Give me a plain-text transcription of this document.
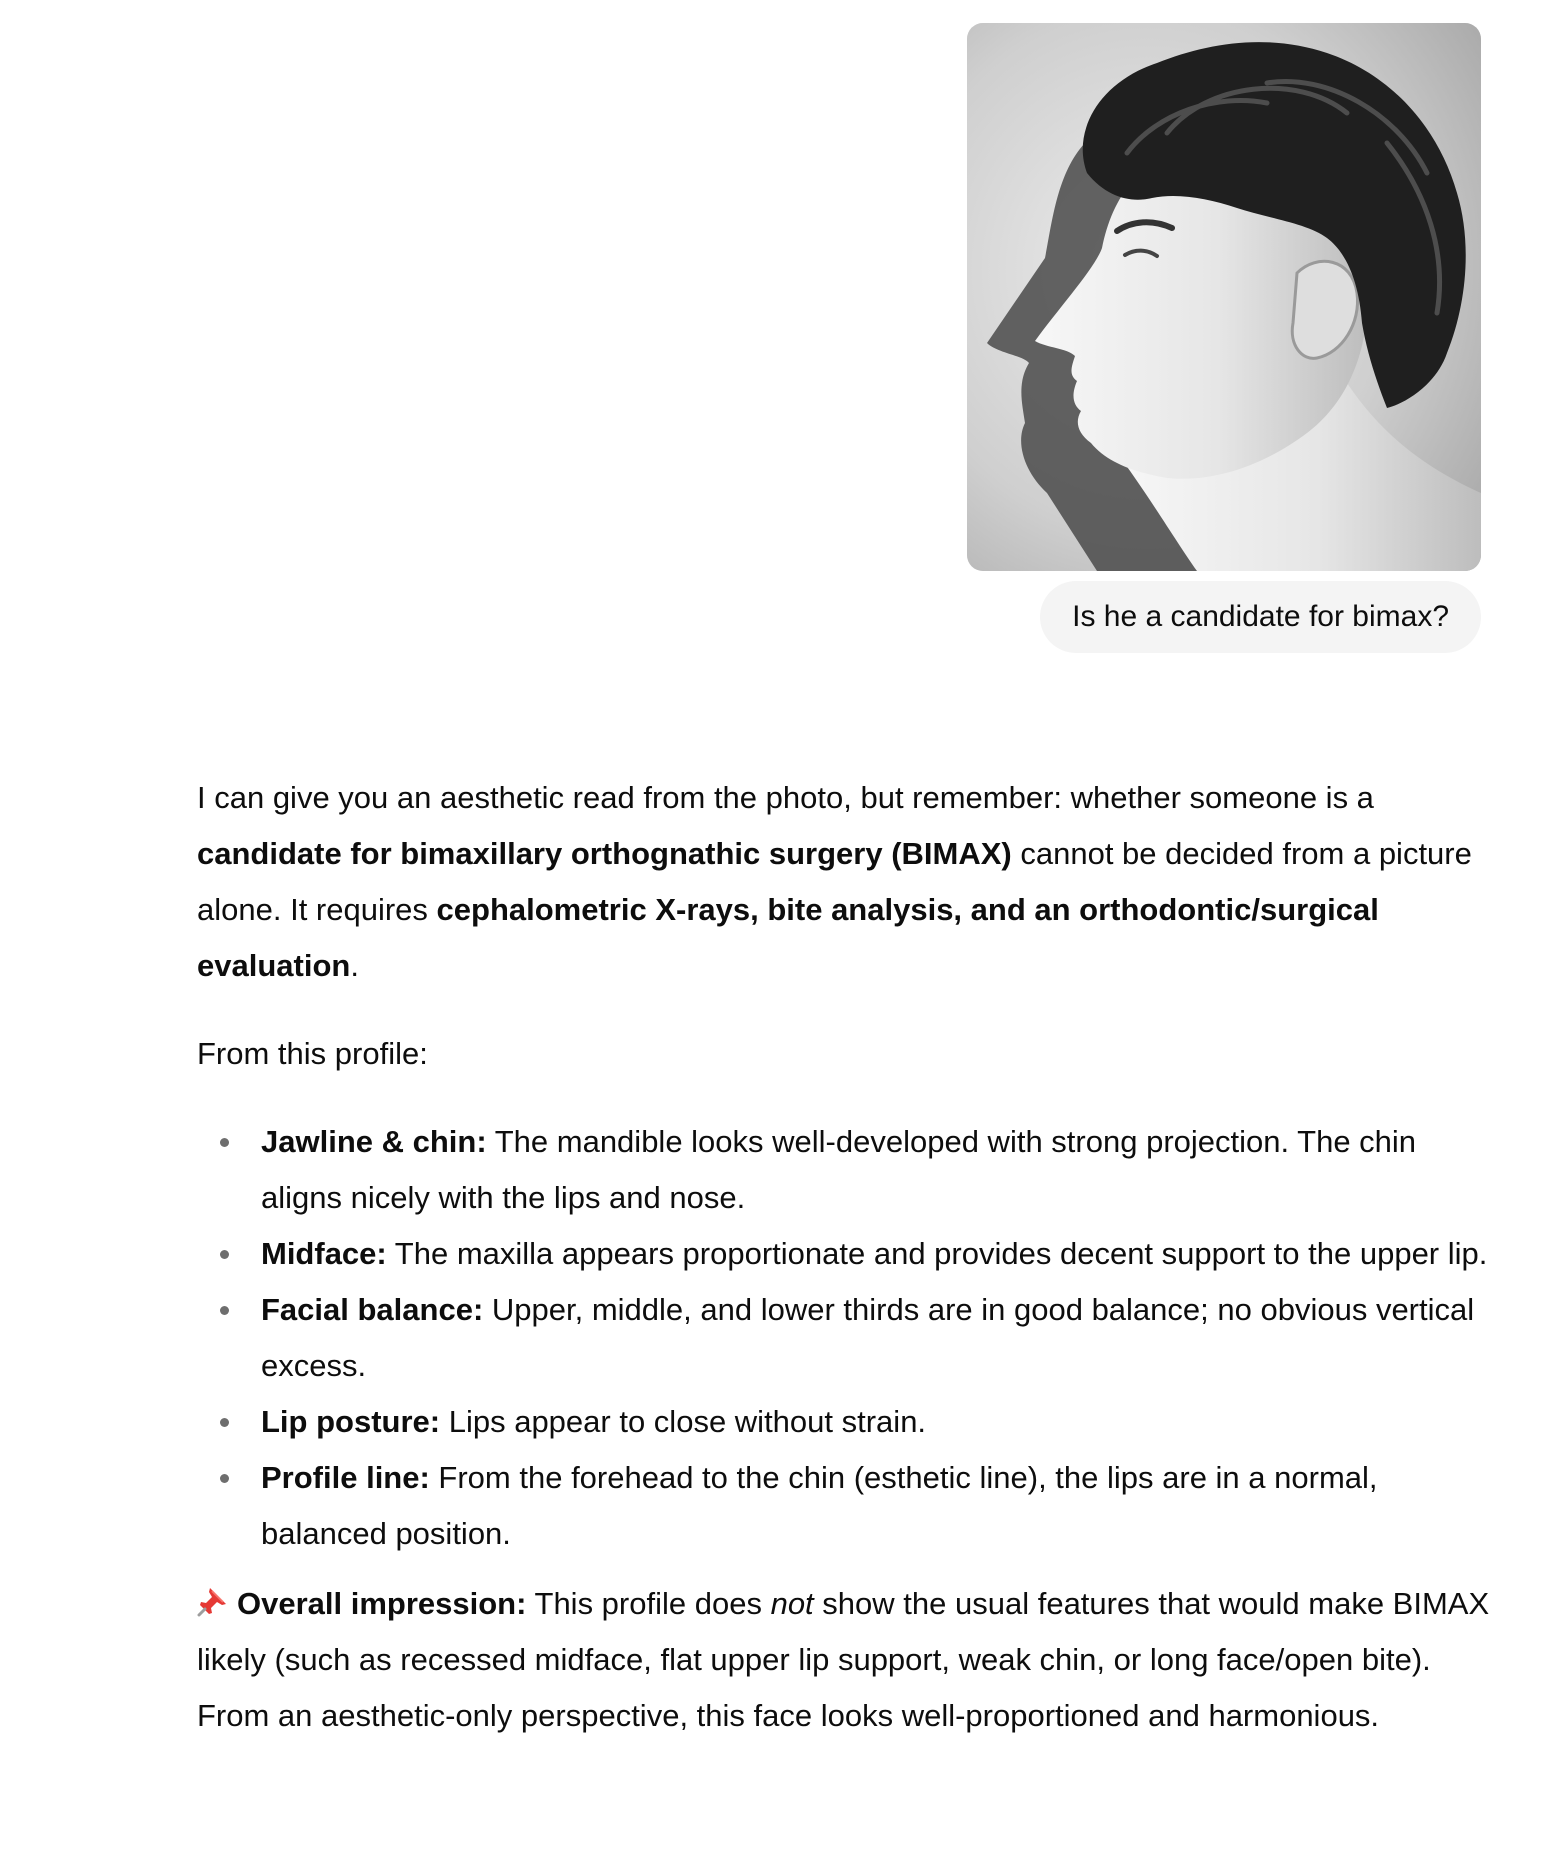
Is he a candidate for bimax?

I can give you an aesthetic read from the photo, but remember: whether someone is a candidate for bimaxillary orthognathic surgery (BIMAX) cannot be decided from a picture alone. It requires cephalometric X-rays, bite analysis, and an orthodontic/surgical evaluation.

From this profile:

Jawline & chin: The mandible looks well-developed with strong projection. The chin aligns nicely with the lips and nose.
Midface: The maxilla appears proportionate and provides decent support to the upper lip.
Facial balance: Upper, middle, and lower thirds are in good balance; no obvious vertical excess.
Lip posture: Lips appear to close without strain.
Profile line: From the forehead to the chin (esthetic line), the lips are in a normal, balanced position.

Overall impression: This profile does not show the usual features that would make BIMAX likely (such as recessed midface, flat upper lip support, weak chin, or long face/open bite). From an aesthetic-only perspective, this face looks well-proportioned and harmonious.
